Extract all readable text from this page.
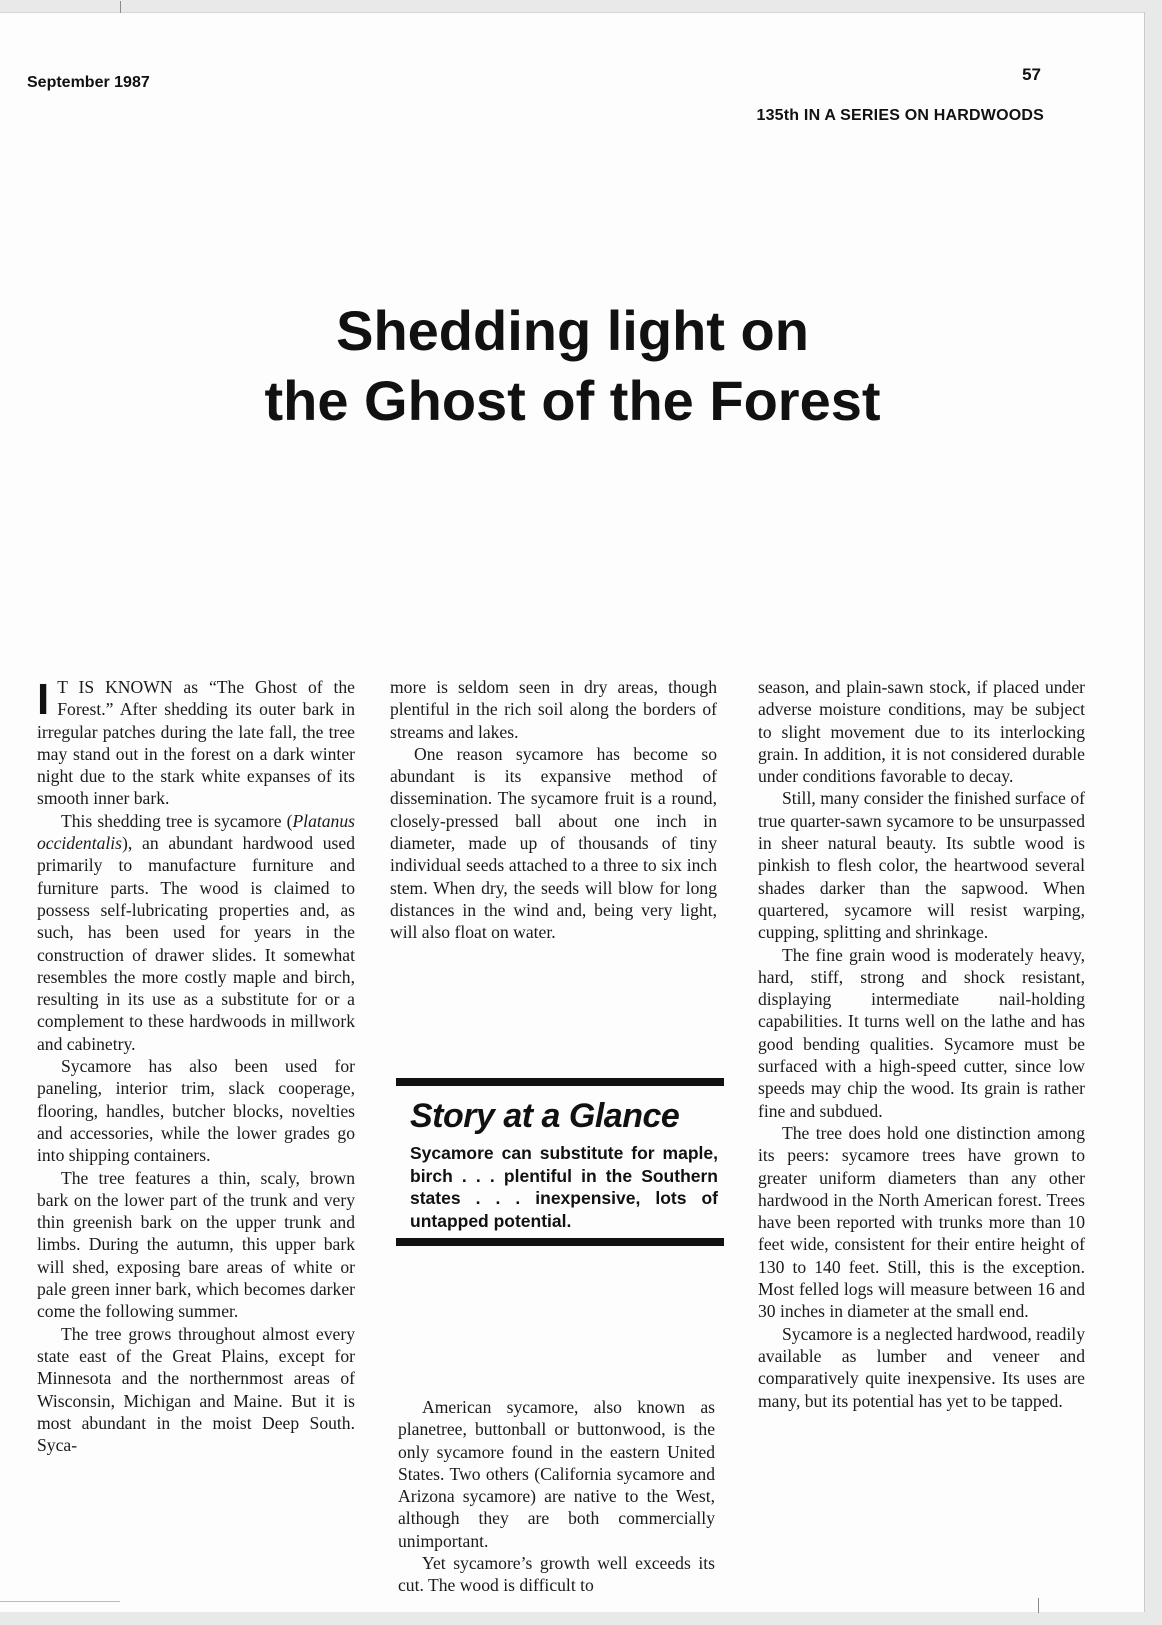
September 1987	57
135th IN A SERIES ON HARDWOODS
Shedding light on
the Ghost of the Forest

I T IS KNOWN as “The Ghost of the Forest.” After shedding its outer bark in irregular patches during the late fall, the tree may stand out in the forest on a dark winter night due to the stark white expanses of its smooth inner bark.

This shedding tree is sycamore (Platanus occidentalis), an abundant hardwood used primarily to manufacture furniture and furniture parts. The wood is claimed to possess self-lubricating properties and, as such, has been used for years in the construction of drawer slides. It somewhat resembles the more costly maple and birch, resulting in its use as a substitute for or a complement to these hardwoods in millwork and cabinetry.

Sycamore has also been used for paneling, interior trim, slack cooperage, flooring, handles, butcher blocks, novelties and accessories, while the lower grades go into shipping containers.

The tree features a thin, scaly, brown bark on the lower part of the trunk and very thin greenish bark on the upper trunk and limbs. During the autumn, this upper bark will shed, exposing bare areas of white or pale green inner bark, which becomes darker come the following summer.

The tree grows throughout almost every state east of the Great Plains, except for Minnesota and the northernmost areas of Wisconsin, Michigan and Maine. But it is most abundant in the moist Deep South. Syca-

more is seldom seen in dry areas, though plentiful in the rich soil along the borders of streams and lakes.

One reason sycamore has become so abundant is its expansive method of dissemination. The sycamore fruit is a round, closely-pressed ball about one inch in diameter, made up of thousands of tiny individual seeds attached to a three to six inch stem. When dry, the seeds will blow for long distances in the wind and, being very light, will also float on water.

Story at a Glance
Sycamore can substitute for maple, birch . . . plentiful in the Southern states . . . inexpensive, lots of untapped potential.

American sycamore, also known as planetree, buttonball or buttonwood, is the only sycamore found in the eastern United States. Two others (California sycamore and Arizona sycamore) are native to the West, although they are both commercially unimportant.

Yet sycamore’s growth well exceeds its cut. The wood is difficult to

season, and plain-sawn stock, if placed under adverse moisture conditions, may be subject to slight movement due to its interlocking grain. In addition, it is not considered durable under conditions favorable to decay.

Still, many consider the finished surface of true quarter-sawn sycamore to be unsurpassed in sheer natural beauty. Its subtle wood is pinkish to flesh color, the heartwood several shades darker than the sapwood. When quartered, sycamore will resist warping, cupping, splitting and shrinkage.

The fine grain wood is moderately heavy, hard, stiff, strong and shock resistant, displaying intermediate nail-holding capabilities. It turns well on the lathe and has good bending qualities. Sycamore must be surfaced with a high-speed cutter, since low speeds may chip the wood. Its grain is rather fine and subdued.

The tree does hold one distinction among its peers: sycamore trees have grown to greater uniform diameters than any other hardwood in the North American forest. Trees have been reported with trunks more than 10 feet wide, consistent for their entire height of 130 to 140 feet. Still, this is the exception. Most felled logs will measure between 16 and 30 inches in diameter at the small end.

Sycamore is a neglected hardwood, readily available as lumber and veneer and comparatively quite inexpensive. Its uses are many, but its potential has yet to be tapped.
